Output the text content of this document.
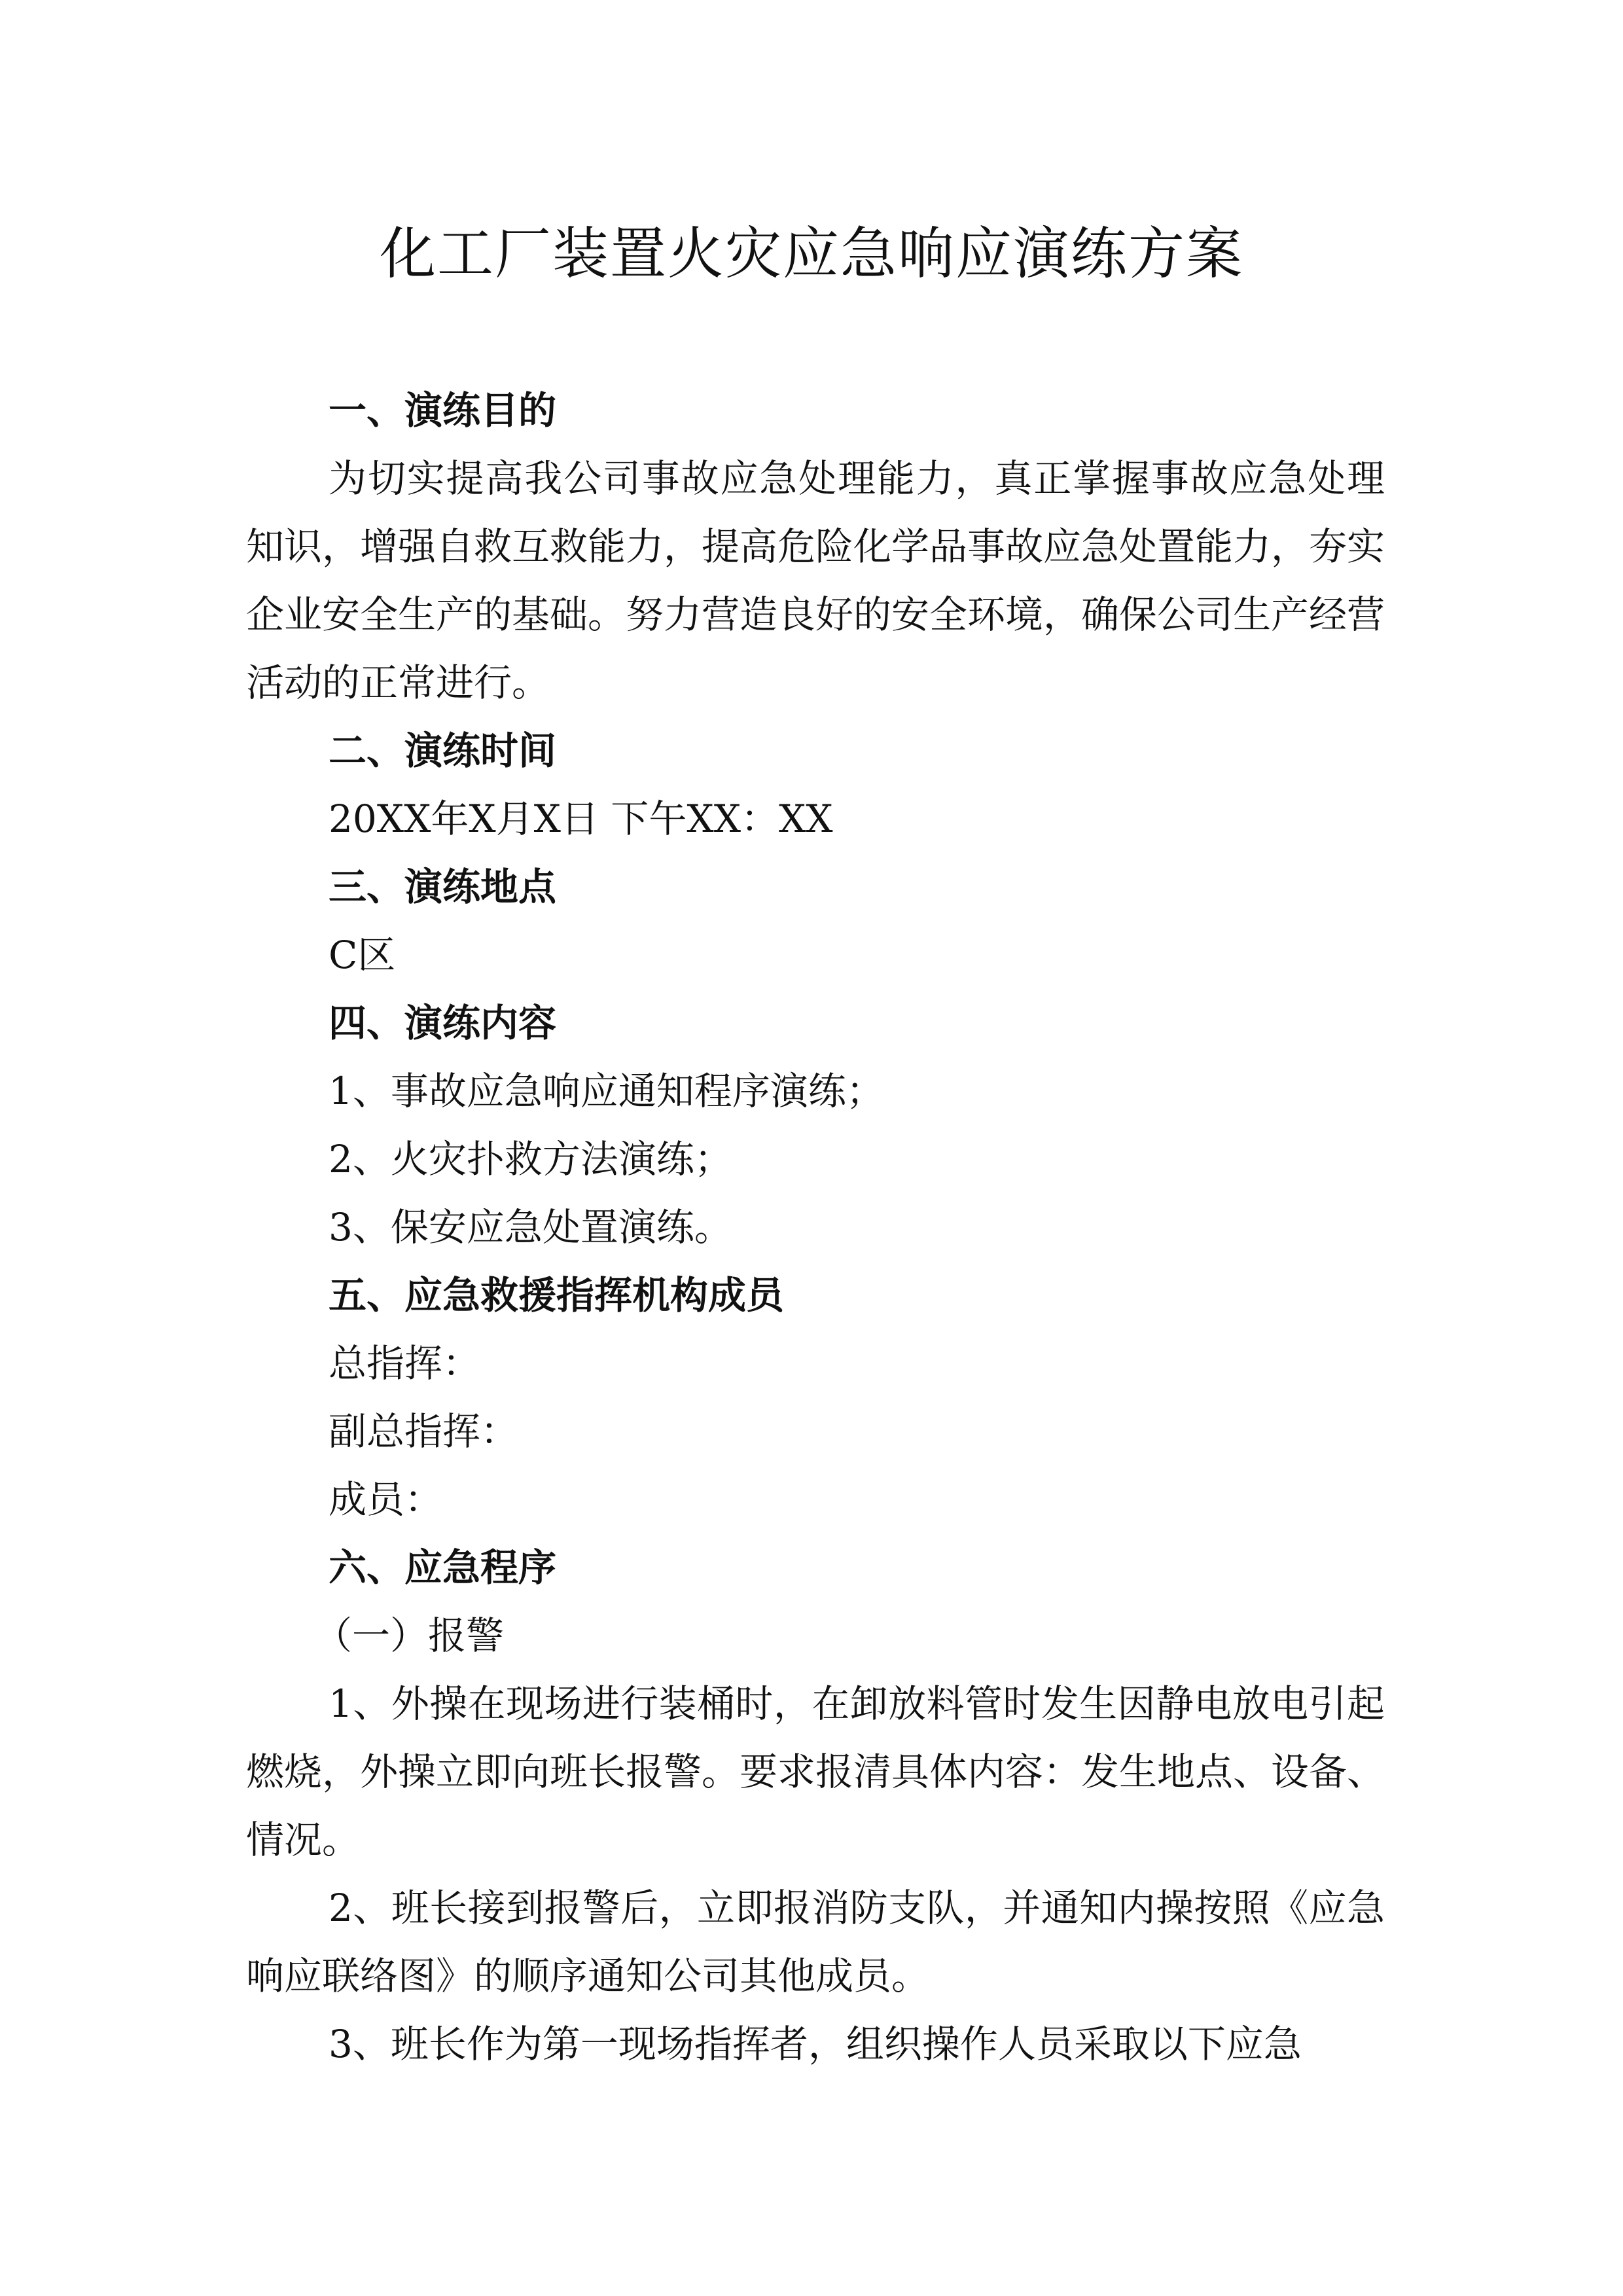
化工厂装置火灾应急响应演练方案
一、演练目的

为切实提高我公司事故应急处理能力，真正掌握事故应急处理知识，增强自救互救能力，提高危险化学品事故应急处置能力，夯实企业安全生产的基础。努力营造良好的安全环境，确保公司生产经营活动的正常进行。

二、演练时间
20XX年X月X日 下午XX：XX
三、演练地点
C区
四、演练内容
1、事故应急响应通知程序演练；
2、火灾扑救方法演练；
3、保安应急处置演练。
五、应急救援指挥机构成员
总指挥：
副总指挥：
成员：
六、应急程序
（一）报警

1、外操在现场进行装桶时，在卸放料管时发生因静电放电引起燃烧，外操立即向班长报警。要求报清具体内容：发生地点、设备、情况。

2、班长接到报警后，立即报消防支队，并通知内操按照《应急响应联络图》的顺序通知公司其他成员。

3、班长作为第一现场指挥者，组织操作人员采取以下应急
